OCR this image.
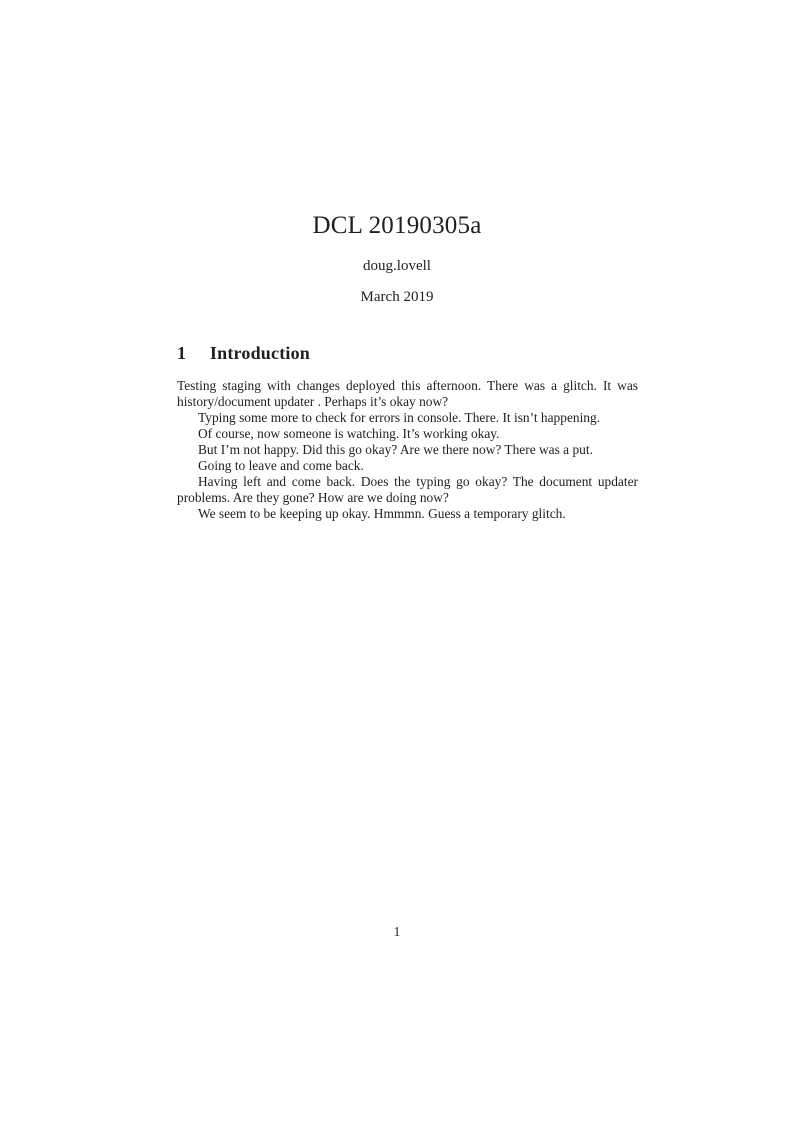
DCL 20190305a
doug.lovell
March 2019
1 Introduction

Testing staging with changes deployed this afternoon. There was a glitch. It was history/document updater . Perhaps it’s okay now?

Typing some more to check for errors in console. There. It isn’t happening.

Of course, now someone is watching. It’s working okay.

But I’m not happy. Did this go okay? Are we there now? There was a put.

Going to leave and come back.

Having left and come back. Does the typing go okay? The document updater problems. Are they gone? How are we doing now?

We seem to be keeping up okay. Hmmmn. Guess a temporary glitch.

1
